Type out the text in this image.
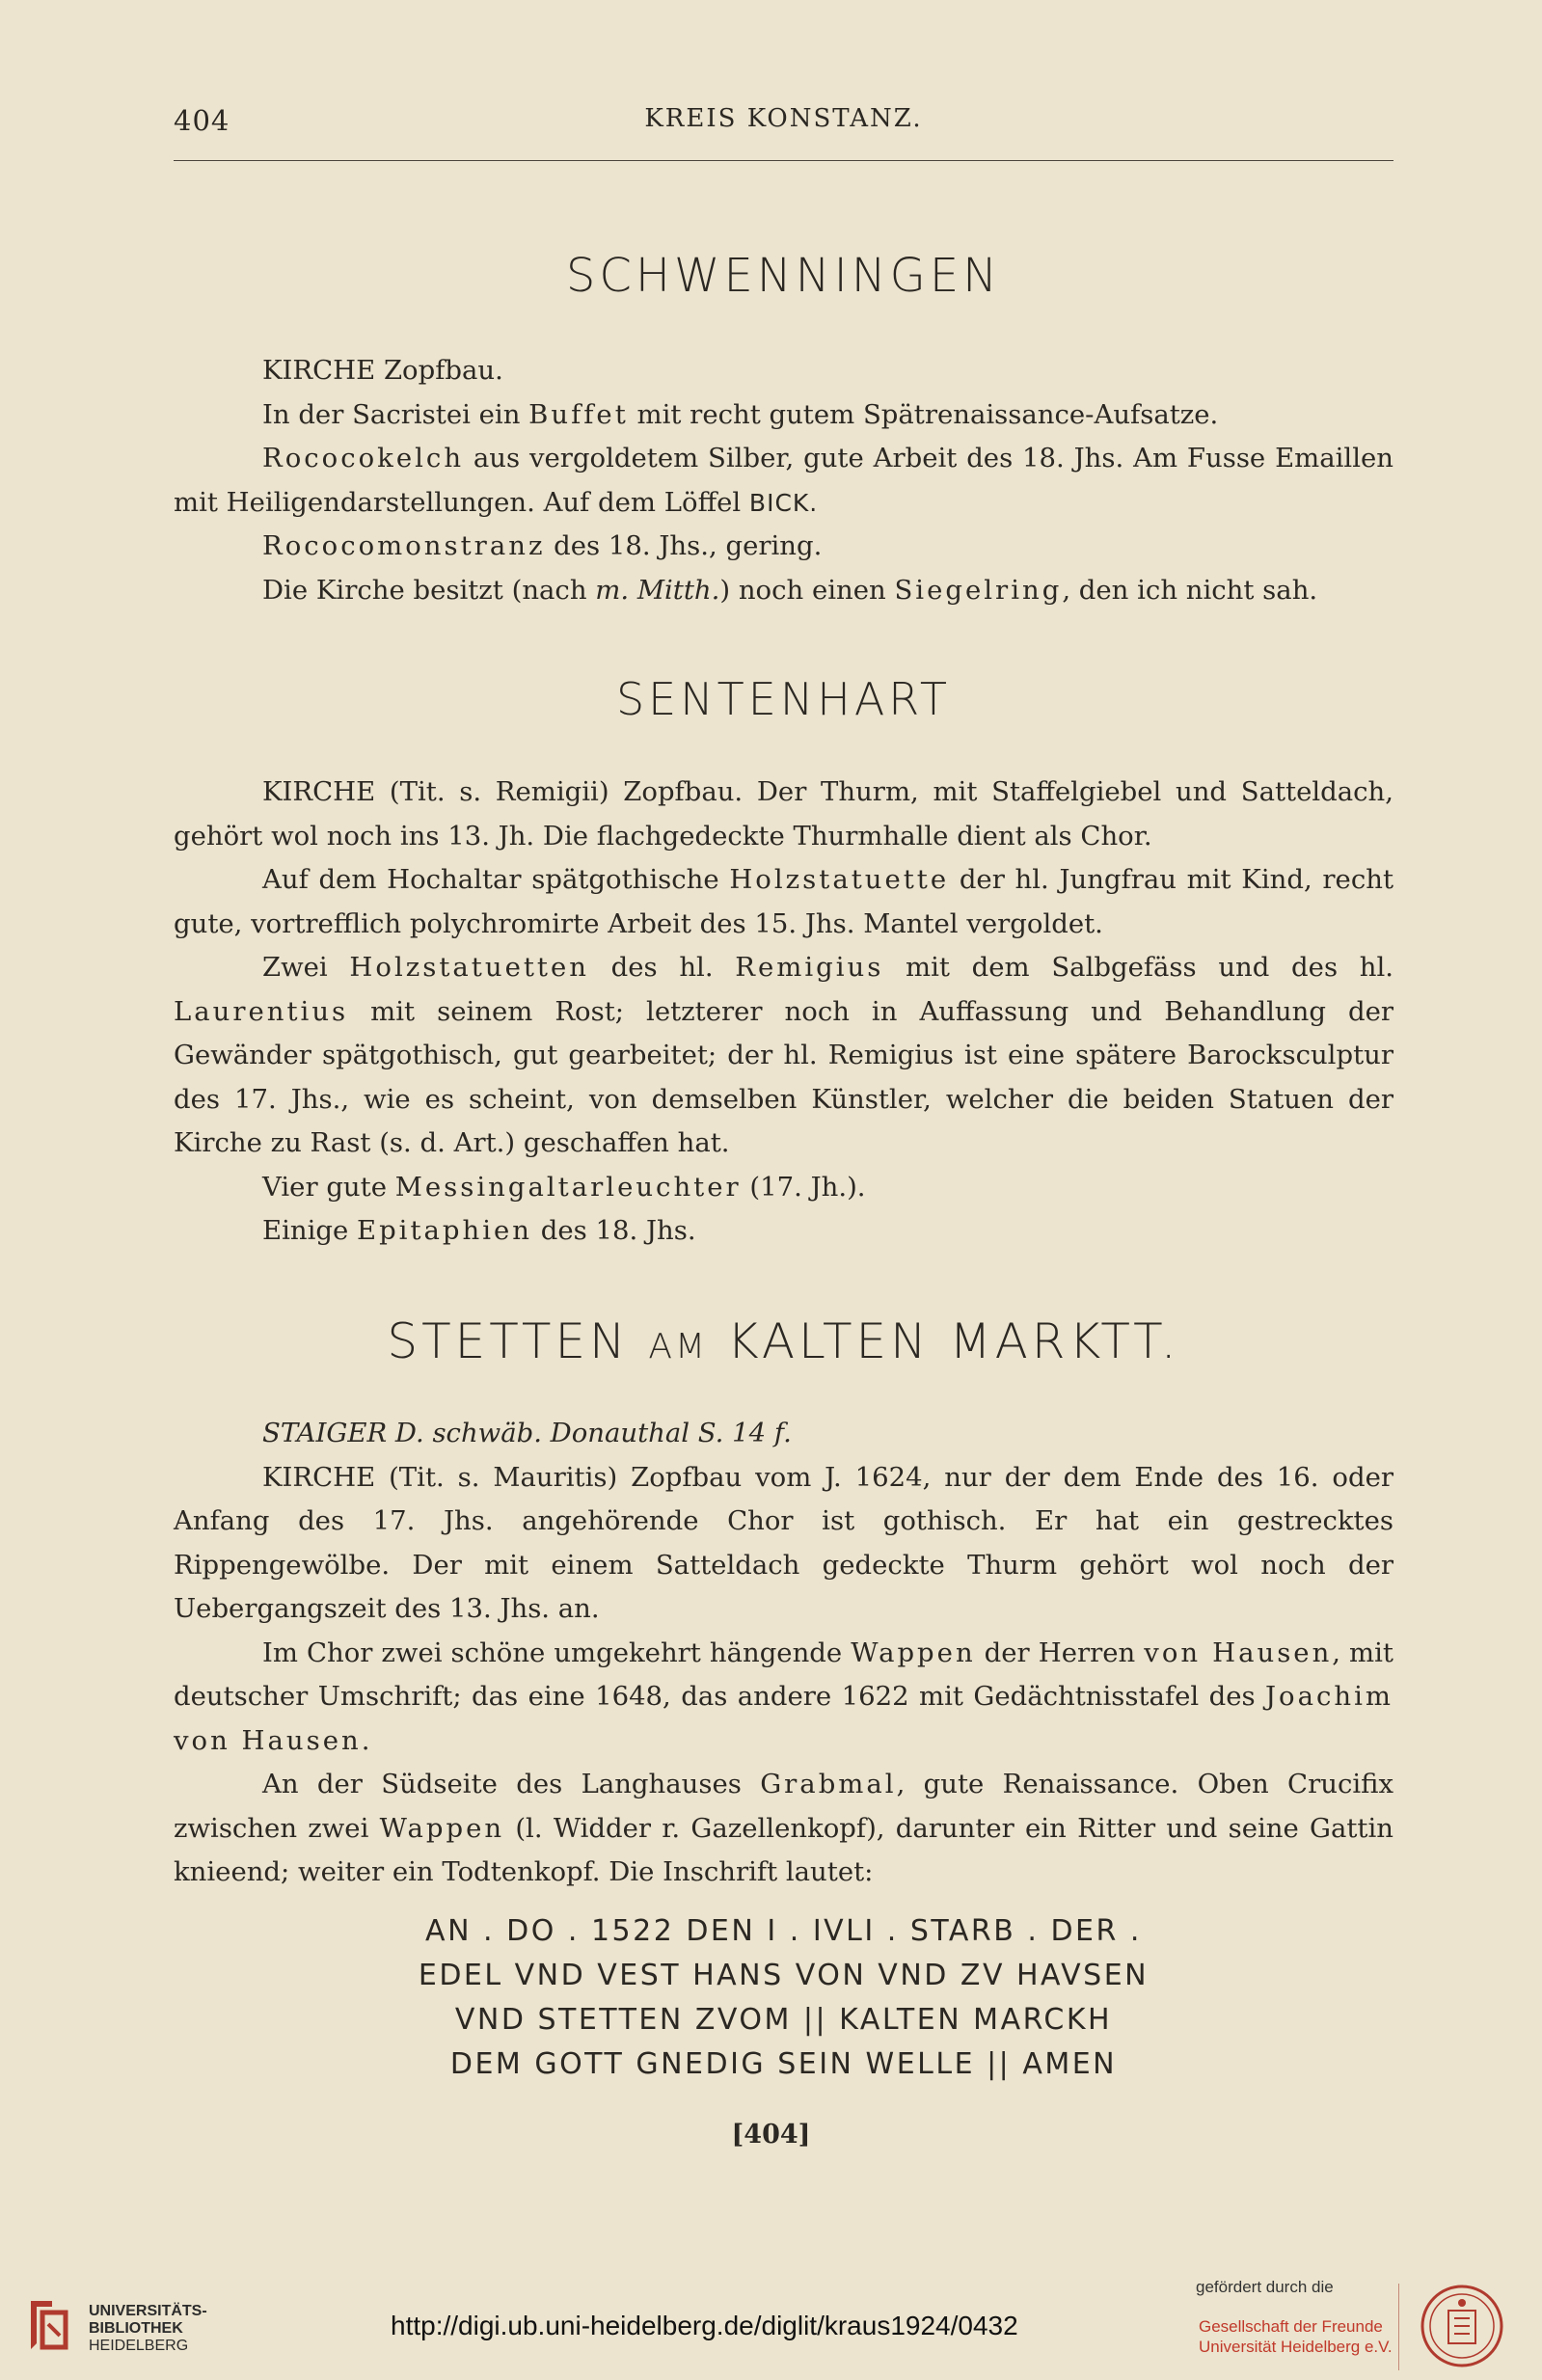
404	KREIS KONSTANZ.
SCHWENNINGEN

KIRCHE Zopfbau.

In der Sacristei ein Buffet mit recht gutem Spätrenaissance-Aufsatze.

Rococokelch aus vergoldetem Silber, gute Arbeit des 18. Jhs. Am Fusse Emaillen mit Heiligendarstellungen. Auf dem Löffel BICK.

Rococomonstranz des 18. Jhs., gering.

Die Kirche besitzt (nach m. Mitth.) noch einen Siegelring, den ich nicht sah.

SENTENHART

KIRCHE (Tit. s. Remigii) Zopfbau. Der Thurm, mit Staffelgiebel und Satteldach, gehört wol noch ins 13. Jh. Die flachgedeckte Thurmhalle dient als Chor.

Auf dem Hochaltar spätgothische Holzstatuette der hl. Jungfrau mit Kind, recht gute, vortrefflich polychromirte Arbeit des 15. Jhs. Mantel vergoldet.

Zwei Holzstatuetten des hl. Remigius mit dem Salbgefäss und des hl. Laurentius mit seinem Rost; letzterer noch in Auffassung und Behandlung der Gewänder spätgothisch, gut gearbeitet; der hl. Remigius ist eine spätere Barocksculptur des 17. Jhs., wie es scheint, von demselben Künstler, welcher die beiden Statuen der Kirche zu Rast (s. d. Art.) geschaffen hat.

Vier gute Messingaltarleuchter (17. Jh.).

Einige Epitaphien des 18. Jhs.

STETTEN AM KALTEN MARKTT.

STAIGER D. schwäb. Donauthal S. 14 f.

KIRCHE (Tit. s. Mauritis) Zopfbau vom J. 1624, nur der dem Ende des 16. oder Anfang des 17. Jhs. angehörende Chor ist gothisch. Er hat ein gestrecktes Rippengewölbe. Der mit einem Satteldach gedeckte Thurm gehört wol noch der Uebergangszeit des 13. Jhs. an.

Im Chor zwei schöne umgekehrt hängende Wappen der Herren von Hausen, mit deutscher Umschrift; das eine 1648, das andere 1622 mit Gedächtnisstafel des Joachim von Hausen.

An der Südseite des Langhauses Grabmal, gute Renaissance. Oben Crucifix zwischen zwei Wappen (l. Widder r. Gazellenkopf), darunter ein Ritter und seine Gattin knieend; weiter ein Todtenkopf. Die Inschrift lautet:

AN . DO . 1522 DEN I . IVLI . STARB . DER .
EDEL VND VEST HANS VON VND ZV HAVSEN
VND STETTEN ZVOM || KALTEN MARCKH
DEM GOTT GNEDIG SEIN WELLE || AMEN
[404]
UNIVERSITÄTS-
BIBLIOTHEK
HEIDELBERG
http://digi.ub.uni-heidelberg.de/diglit/kraus1924/0432
gefördert durch die
Gesellschaft der Freunde
Universität Heidelberg e.V.
